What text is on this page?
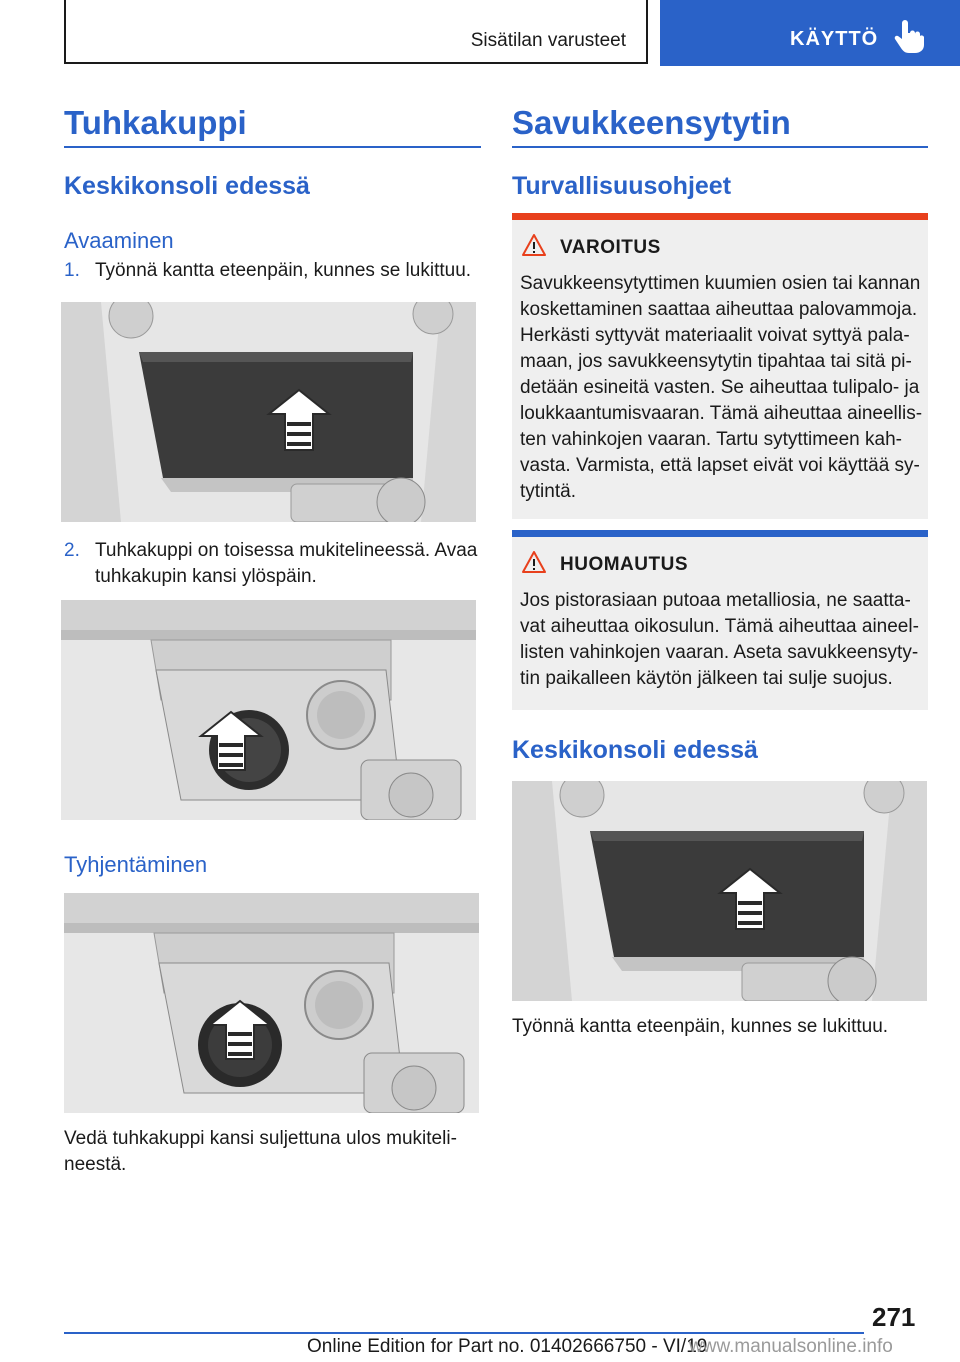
Sisätilan varusteet	KÄYTTÖ
Tuhkakuppi
Keskikonsoli edessä
Avaaminen
1. Työnnä kantta eteenpäin, kunnes se lukittuu.
2. Tuhkakuppi on toisessa mukitelineessä. Avaa tuhkakupin kansi ylöspäin.
Tyhjentäminen
Vedä tuhkakuppi kansi suljettuna ulos mukitelineestä.
Savukkeensytytin
Turvallisuusohjeet
VAROITUS
Savukkeensytyttimen kuumien osien tai kannan koskettaminen saattaa aiheuttaa palovammoja. Herkästi syttyvät materiaalit voivat syttyä palamaan, jos savukkeensytytin tipahtaa tai sitä pidetään esineitä vasten. Se aiheuttaa tulipalo- ja loukkaantumisvaaran. Tämä aiheuttaa aineellisten vahinkojen vaaran. Tartu sytyttimeen kahvasta. Varmista, että lapset eivät voi käyttää sytytintä.
HUOMAUTUS
Jos pistorasiaan putoaa metalliosia, ne saattavat aiheuttaa oikosulun. Tämä aiheuttaa aineellisten vahinkojen vaaran. Aseta savukkeensytytin paikalleen käytön jälkeen tai sulje suojus.
Keskikonsoli edessä
Työnnä kantta eteenpäin, kunnes se lukittuu.
271
Online Edition for Part no. 01402666750 - VI/19
www.manualsonline.info
